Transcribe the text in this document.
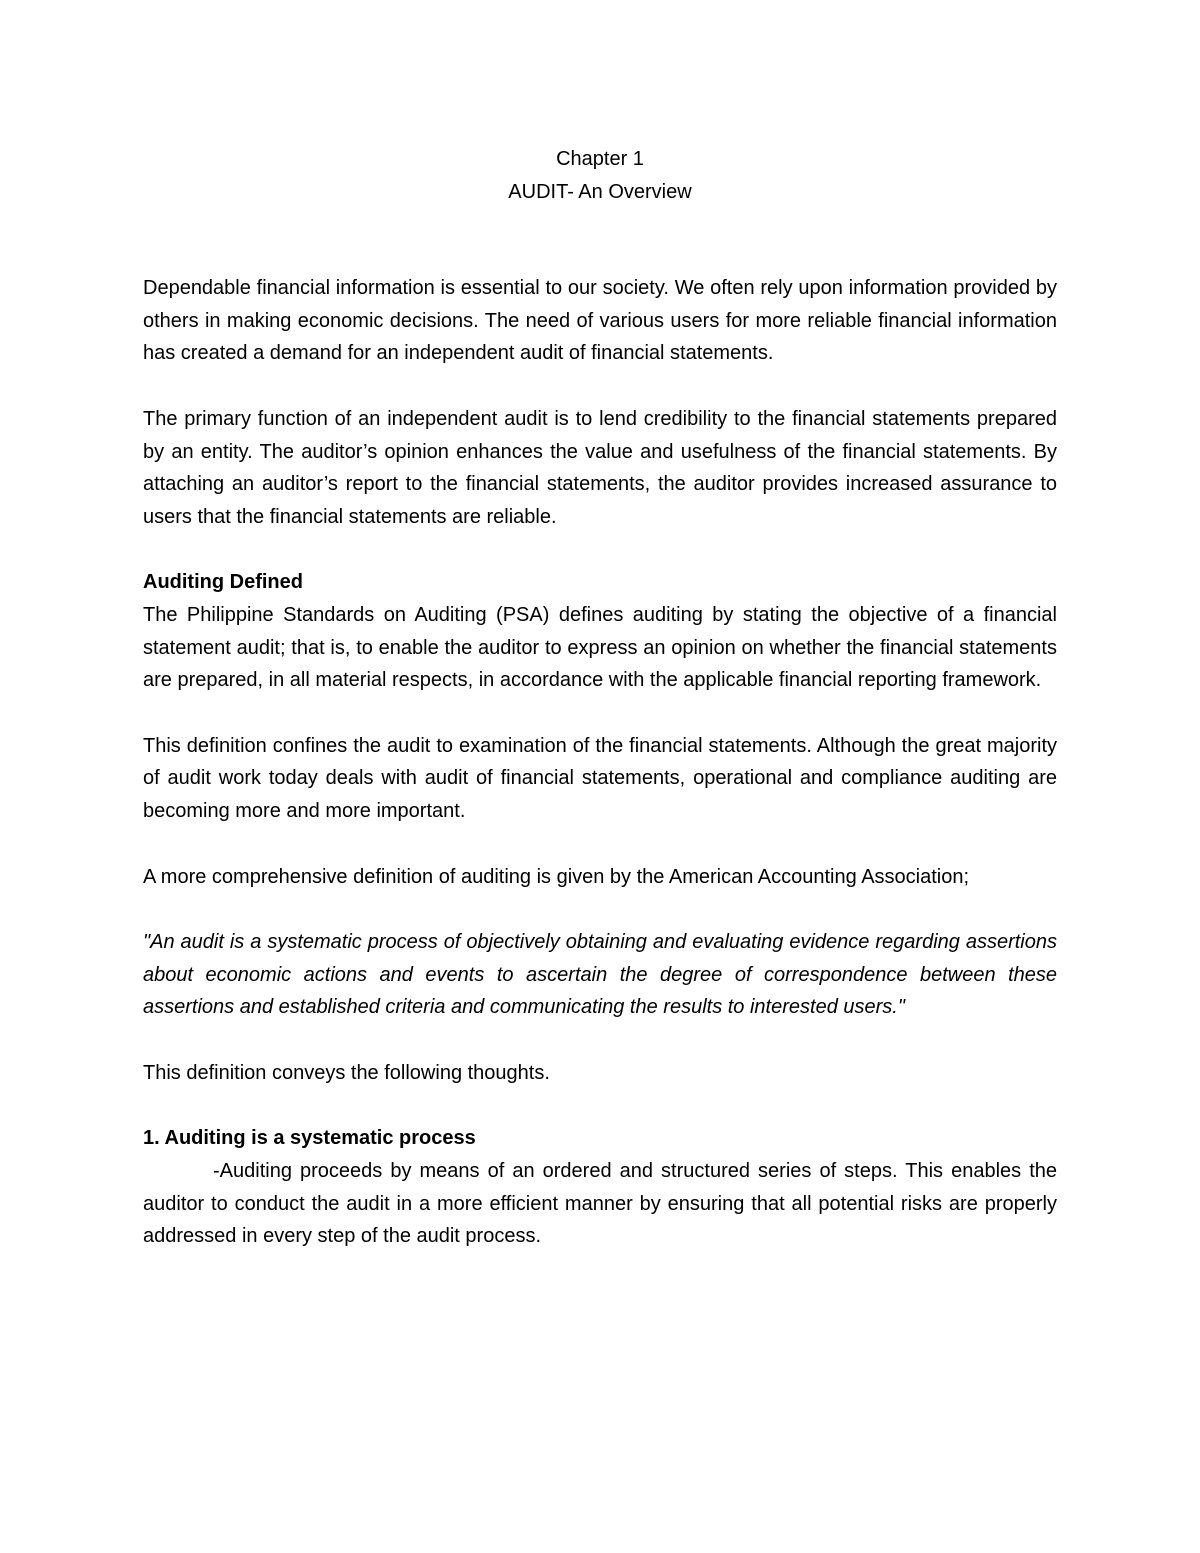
Chapter 1
AUDIT- An Overview

Dependable financial information is essential to our society. We often rely upon information provided by others in making economic decisions. The need of various users for more reliable financial information has created a demand for an independent audit of financial statements.

The primary function of an independent audit is to lend credibility to the financial statements prepared by an entity. The auditor’s opinion enhances the value and usefulness of the financial statements. By attaching an auditor’s report to the financial statements, the auditor provides increased assurance to users that the financial statements are reliable.

Auditing Defined

The Philippine Standards on Auditing (PSA) defines auditing by stating the objective of a financial statement audit; that is, to enable the auditor to express an opinion on whether the financial statements are prepared, in all material respects, in accordance with the applicable financial reporting framework.

This definition confines the audit to examination of the financial statements. Although the great majority of audit work today deals with audit of financial statements, operational and compliance auditing are becoming more and more important.

A more comprehensive definition of auditing is given by the American Accounting Association;

"An audit is a systematic process of objectively obtaining and evaluating evidence regarding assertions about economic actions and events to ascertain the degree of correspondence between these assertions and established criteria and communicating the results to interested users."

This definition conveys the following thoughts.

1. Auditing is a systematic process

-Auditing proceeds by means of an ordered and structured series of steps. This enables the auditor to conduct the audit in a more efficient manner by ensuring that all potential risks are properly addressed in every step of the audit process.
